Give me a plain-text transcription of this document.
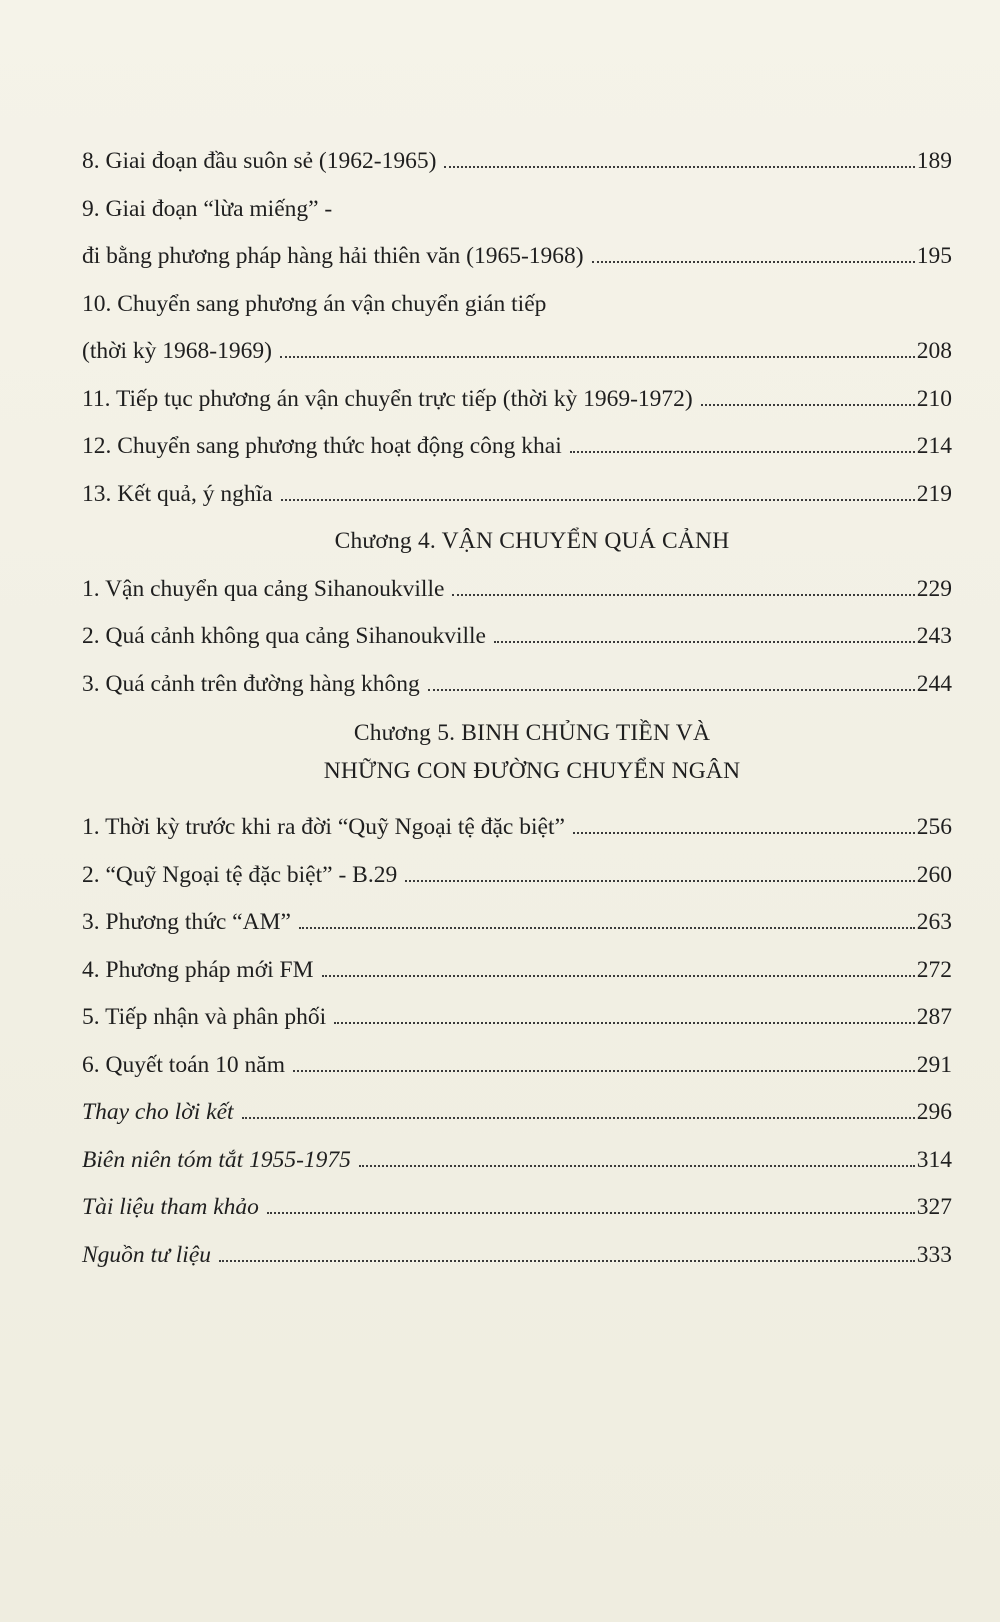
8. Giai đoạn đầu suôn sẻ (1962-1965)	189
9. Giai đoạn “lừa miếng” -
đi bằng phương pháp hàng hải thiên văn (1965-1968)	195
10. Chuyển sang phương án vận chuyển gián tiếp
(thời kỳ 1968-1969)	208
11. Tiếp tục phương án vận chuyển trực tiếp (thời kỳ 1969-1972)	210
12. Chuyển sang phương thức hoạt động công khai	214
13. Kết quả, ý nghĩa	219
Chương 4. VẬN CHUYỂN QUÁ CẢNH
1. Vận chuyển qua cảng Sihanoukville	229
2. Quá cảnh không qua cảng Sihanoukville	243
3. Quá cảnh trên đường hàng không	244
Chương 5. BINH CHỦNG TIỀN VÀ
NHỮNG CON ĐƯỜNG CHUYỂN NGÂN
1. Thời kỳ trước khi ra đời “Quỹ Ngoại tệ đặc biệt”	256
2. “Quỹ Ngoại tệ đặc biệt” - B.29	260
3. Phương thức “AM”	263
4. Phương pháp mới FM	272
5. Tiếp nhận và phân phối	287
6. Quyết toán 10 năm	291
Thay cho lời kết	296
Biên niên tóm tắt 1955-1975	314
Tài liệu tham khảo	327
Nguồn tư liệu	333
